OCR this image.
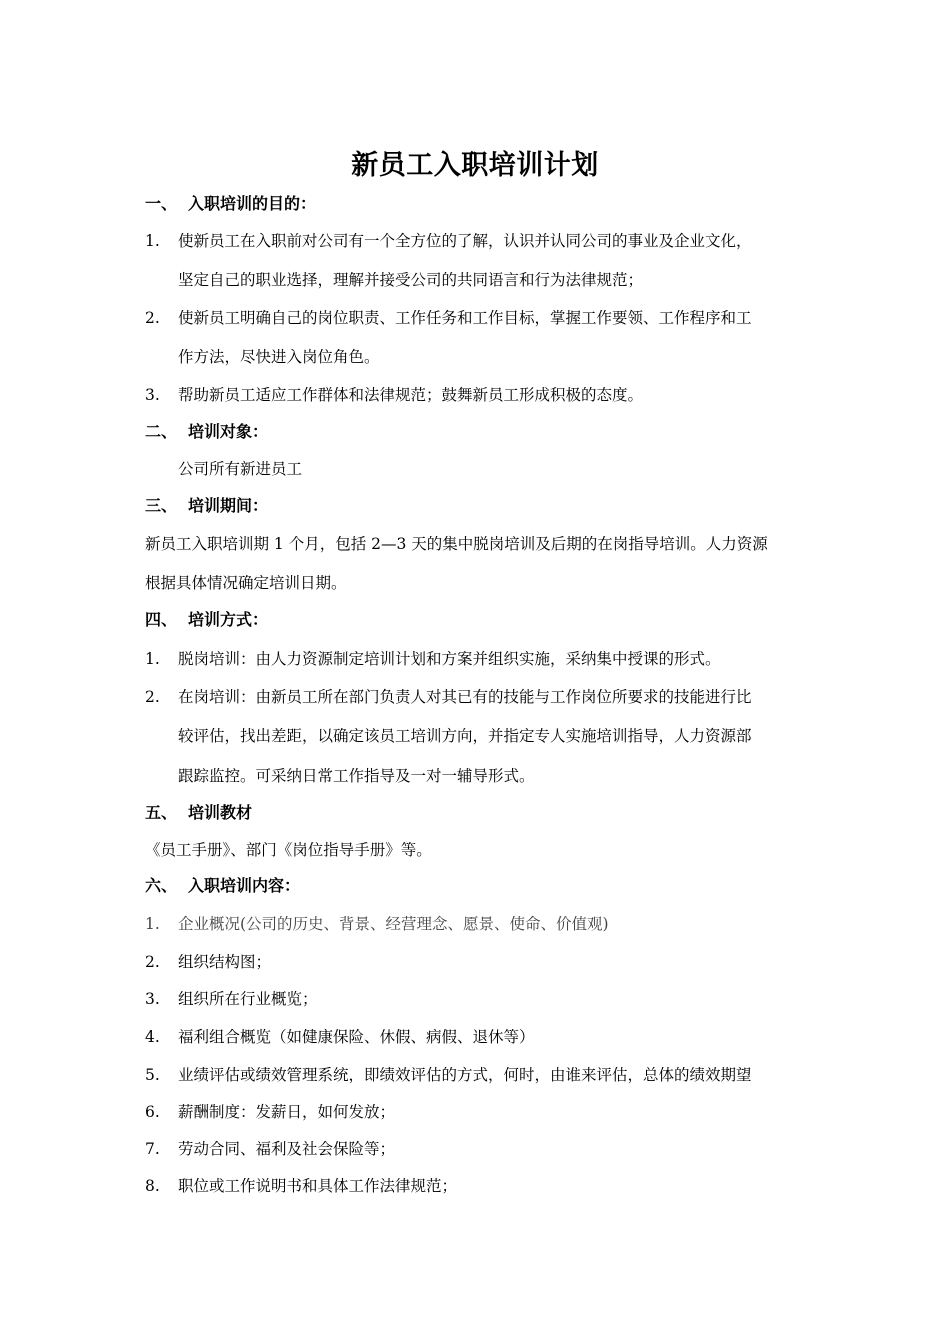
新员工入职培训计划
一、 入职培训的目的：
1. 使新员工在入职前对公司有一个全方位的了解，认识并认同公司的事业及企业文化，
坚定自己的职业选择，理解并接受公司的共同语言和行为法律规范；
2. 使新员工明确自己的岗位职责、工作任务和工作目标，掌握工作要领、工作程序和工
作方法，尽快进入岗位角色。
3. 帮助新员工适应工作群体和法律规范；鼓舞新员工形成积极的态度。
二、 培训对象：
公司所有新进员工
三、 培训期间：
新员工入职培训期 1 个月，包括 2—3 天的集中脱岗培训及后期的在岗指导培训。人力资源
根据具体情况确定培训日期。
四、 培训方式：
1. 脱岗培训：由人力资源制定培训计划和方案并组织实施，采纳集中授课的形式。
2. 在岗培训：由新员工所在部门负责人对其已有的技能与工作岗位所要求的技能进行比
较评估，找出差距，以确定该员工培训方向，并指定专人实施培训指导，人力资源部
跟踪监控。可采纳日常工作指导及一对一辅导形式。
五、 培训教材
《员工手册》、部门《岗位指导手册》等。
六、 入职培训内容：
1. 企业概况(公司的历史、背景、经营理念、愿景、使命、价值观)
2. 组织结构图；
3. 组织所在行业概览；
4. 福利组合概览（如健康保险、休假、病假、退休等）
5. 业绩评估或绩效管理系统，即绩效评估的方式，何时，由谁来评估，总体的绩效期望
6. 薪酬制度：发薪日，如何发放；
7. 劳动合同、福利及社会保险等；
8. 职位或工作说明书和具体工作法律规范；
